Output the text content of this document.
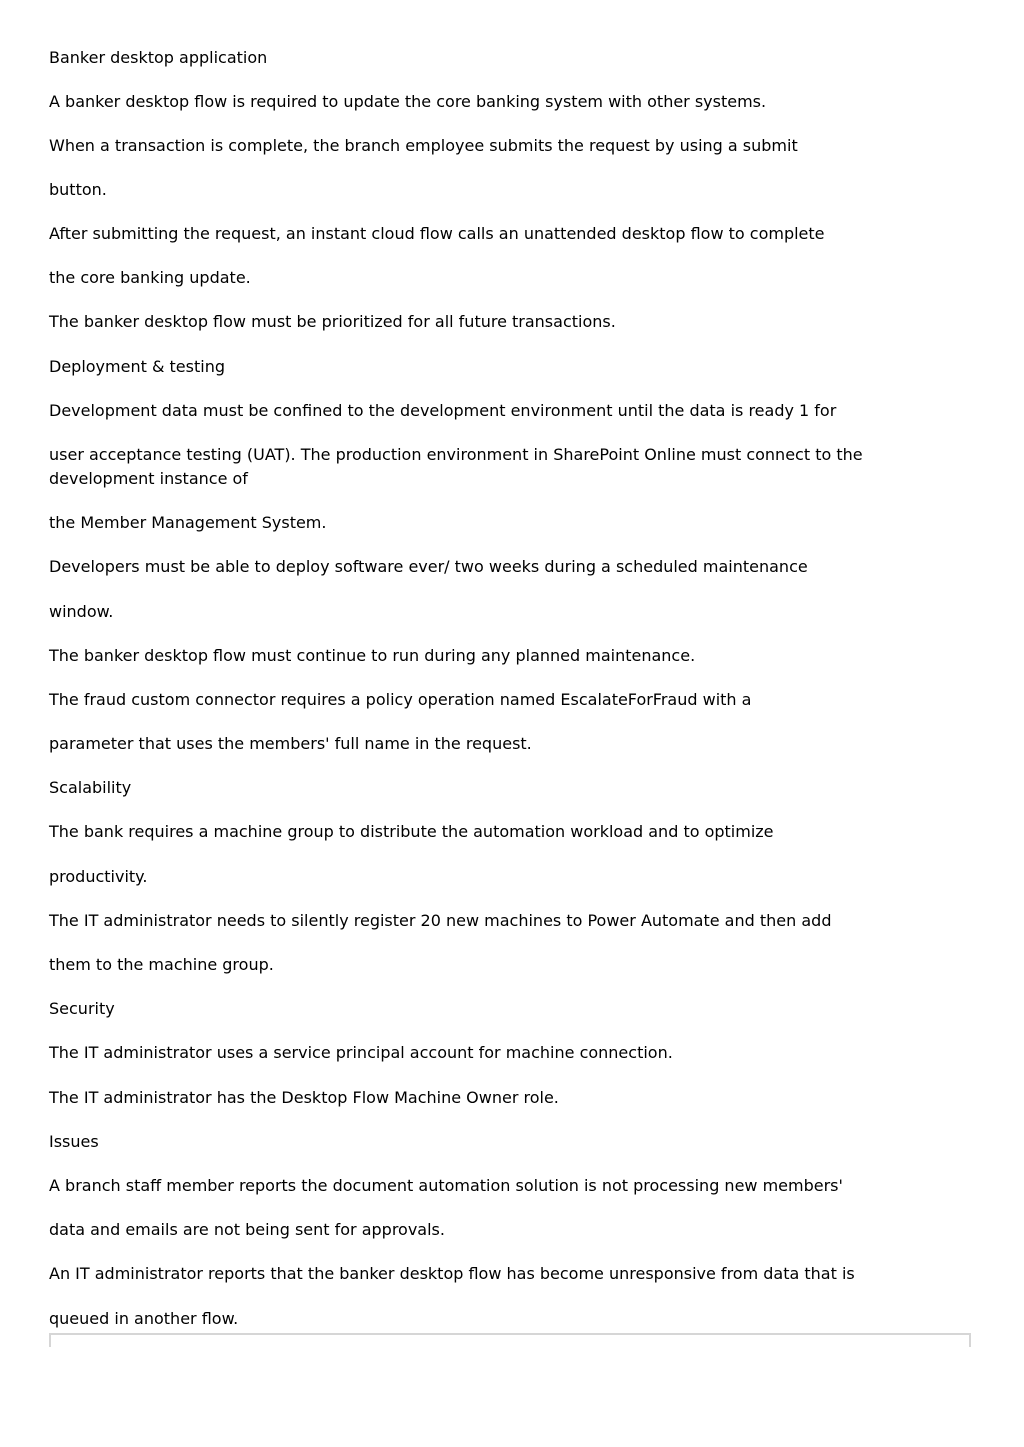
Banker desktop application
A banker desktop flow is required to update the core banking system with other systems.
When a transaction is complete, the branch employee submits the request by using a submit
button.
After submitting the request, an instant cloud flow calls an unattended desktop flow to complete
the core banking update.
The banker desktop flow must be prioritized for all future transactions.
Deployment & testing
Development data must be confined to the development environment until the data is ready 1 for
user acceptance testing (UAT). The production environment in SharePoint Online must connect to the development instance of
the Member Management System.
Developers must be able to deploy software ever/ two weeks during a scheduled maintenance
window.
The banker desktop flow must continue to run during any planned maintenance.
The fraud custom connector requires a policy operation named EscalateForFraud with a
parameter that uses the members' full name in the request.
Scalability
The bank requires a machine group to distribute the automation workload and to optimize
productivity.
The IT administrator needs to silently register 20 new machines to Power Automate and then add
them to the machine group.
Security
The IT administrator uses a service principal account for machine connection.
The IT administrator has the Desktop Flow Machine Owner role.
Issues
A branch staff member reports the document automation solution is not processing new members'
data and emails are not being sent for approvals.
An IT administrator reports that the banker desktop flow has become unresponsive from data that is
queued in another flow.
